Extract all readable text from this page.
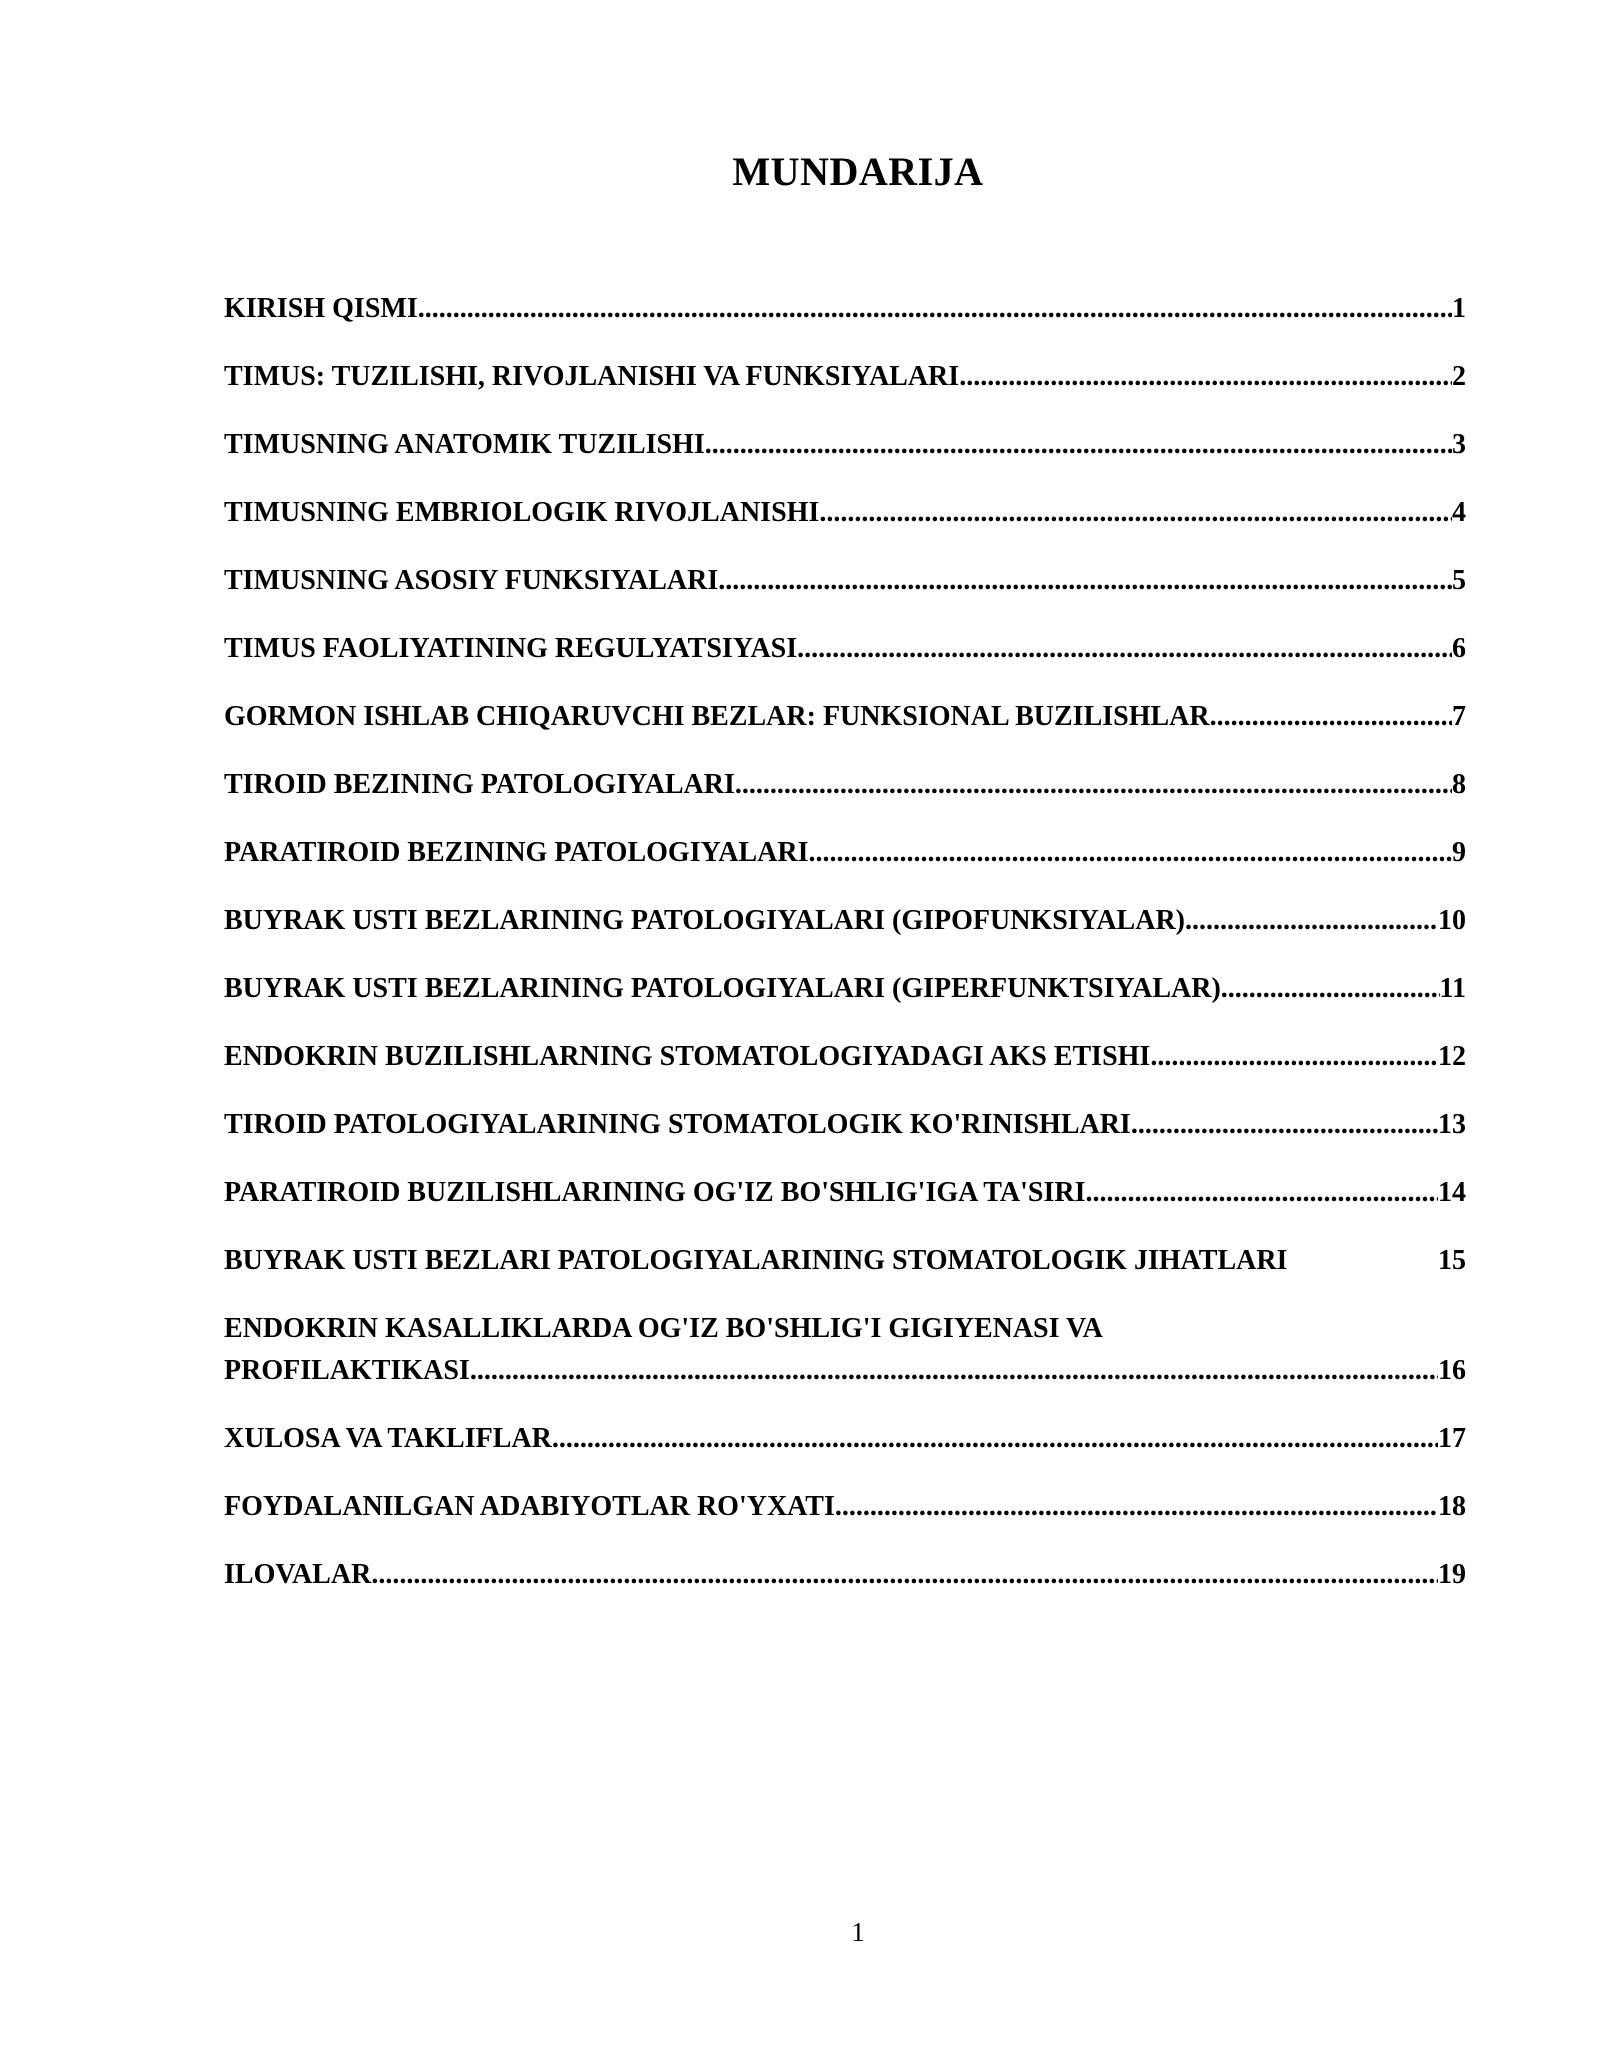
MUNDARIJA
KIRISH QISMI .....	1
TIMUS: TUZILISHI, RIVOJLANISHI VA FUNKSIYALARI .....	2
TIMUSNING ANATOMIK TUZILISHI .....	3
TIMUSNING EMBRIOLOGIK RIVOJLANISHI .....	4
TIMUSNING ASOSIY FUNKSIYALARI .....	5
TIMUS FAOLIYATINING REGULYATSIYASI .....	6
GORMON ISHLAB CHIQARUVCHI BEZLAR: FUNKSIONAL BUZILISHLAR .....	7
TIROID BEZINING PATOLOGIYALARI .....	8
PARATIROID BEZINING PATOLOGIYALARI .....	9
BUYRAK USTI BEZLARINING PATOLOGIYALARI (GIPOFUNKSIYALAR) .....	10
BUYRAK USTI BEZLARINING PATOLOGIYALARI (GIPERFUNKTSIYALAR) .....	11
ENDOKRIN BUZILISHLARNING STOMATOLOGIYADAGI AKS ETISHI .....	12
TIROID PATOLOGIYALARINING STOMATOLOGIK KO'RINISHLARI .....	13
PARATIROID BUZILISHLARINING OG'IZ BO'SHLIG'IGA TA'SIRI .....	14
BUYRAK USTI BEZLARI PATOLOGIYALARINING STOMATOLOGIK JIHATLARI	15
ENDOKRIN KASALLIKLARDA OG'IZ BO'SHLIG'I GIGIYENASI VA
PROFILAKTIKASI .....	16
XULOSA VA TAKLIFLAR .....	17
FOYDALANILGAN ADABIYOTLAR RO'YXATI .....	18
ILOVALAR .....	19
1
